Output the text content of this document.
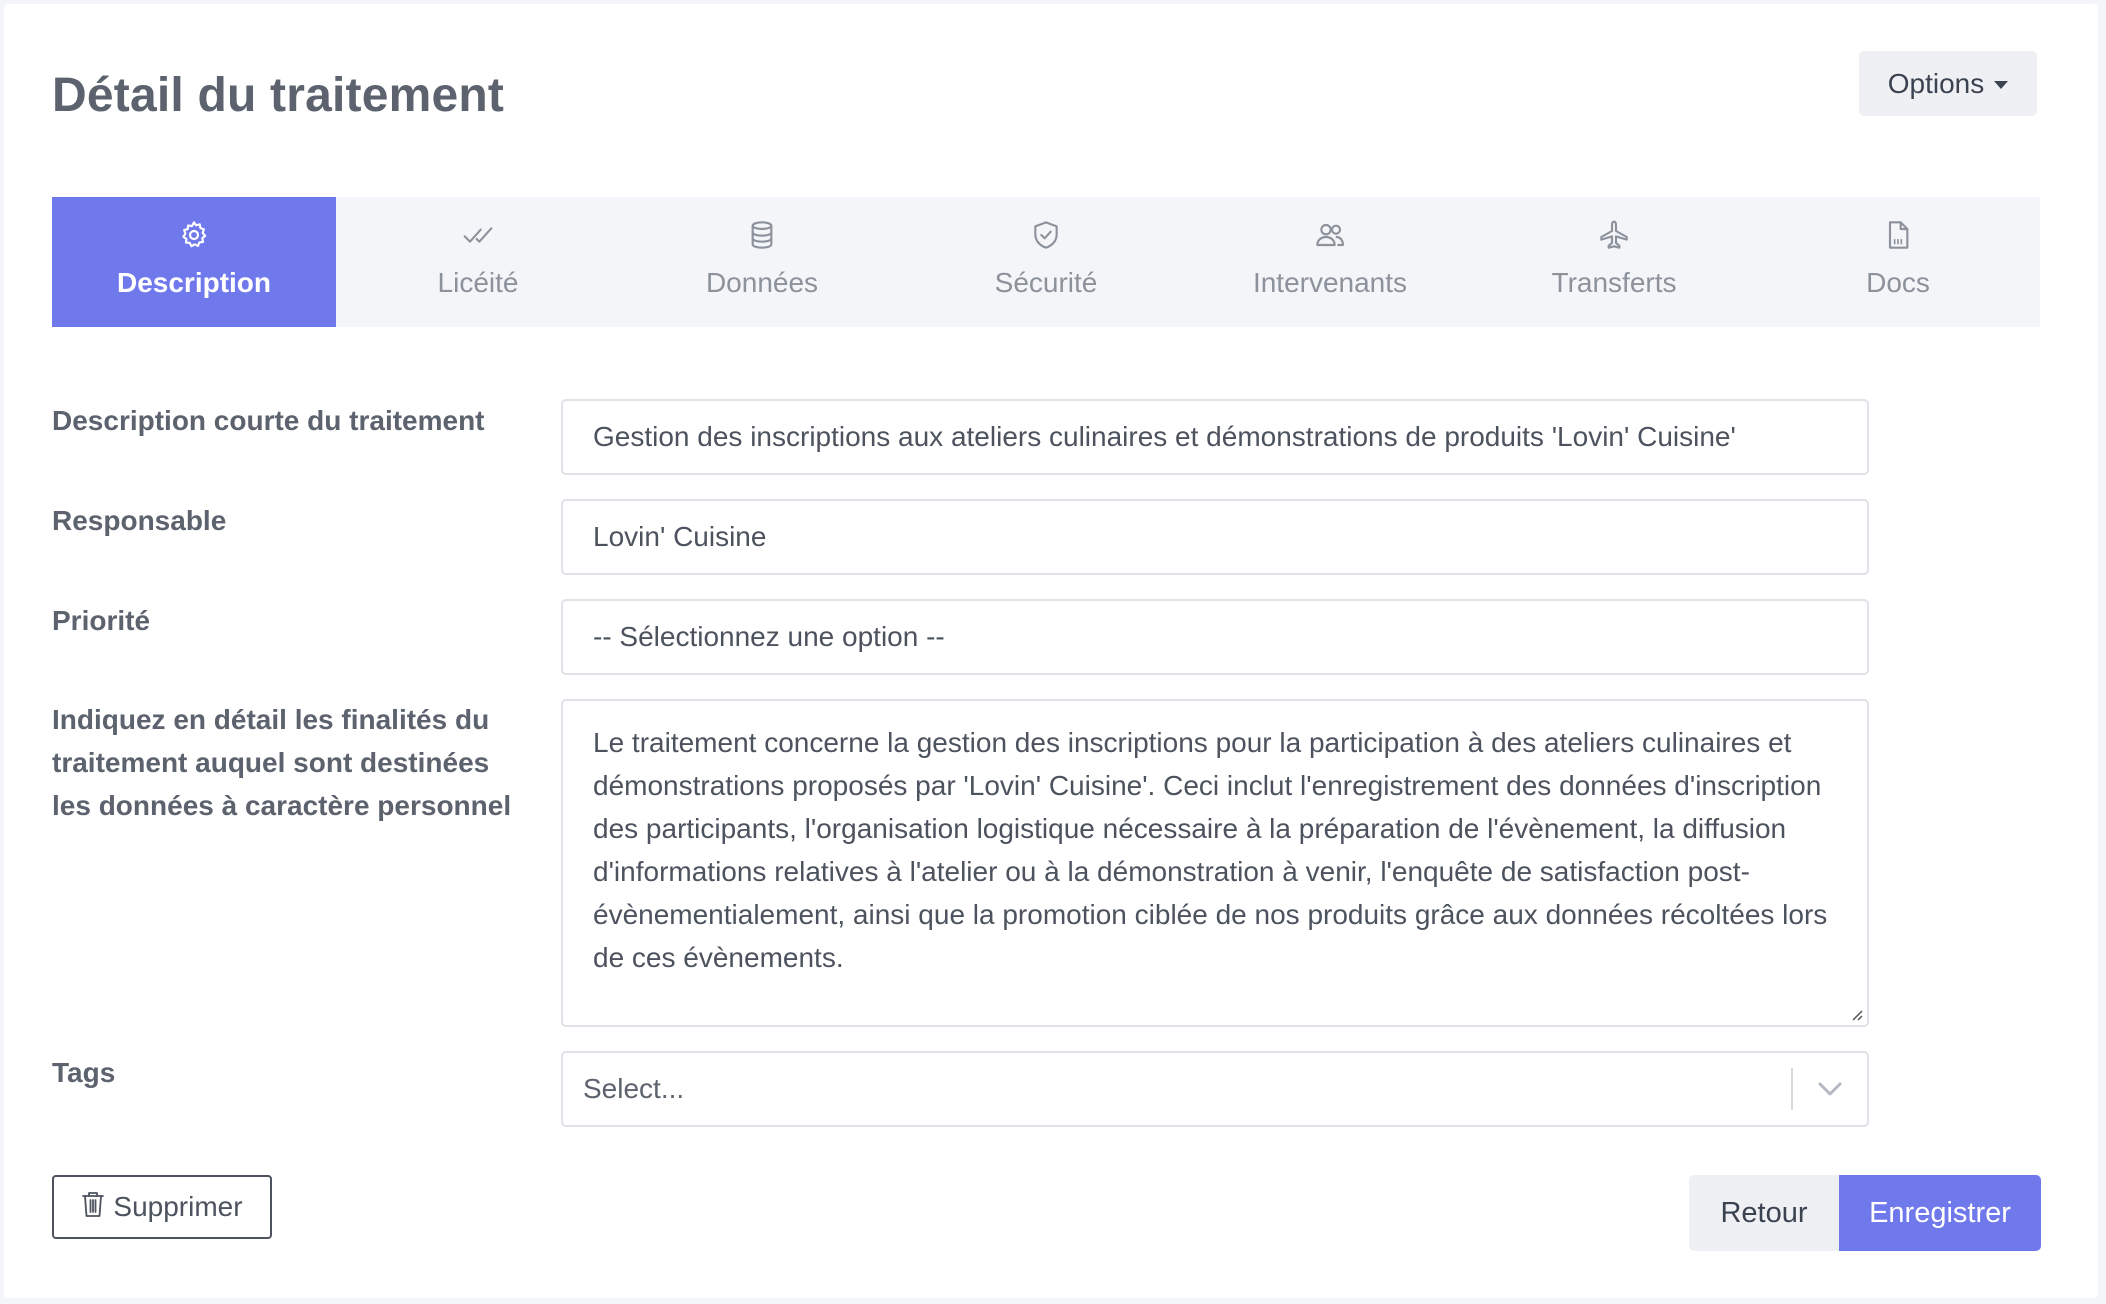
Détail du traitement	Options
Description	Licéité	Données	Sécurité	Intervenants	Transferts	Docs
Description courte du traitement
Gestion des inscriptions aux ateliers culinaires et démonstrations de produits 'Lovin' Cuisine'
Responsable
Lovin' Cuisine
Priorité
-- Sélectionnez une option --
Indiquez en détail les finalités du traitement auquel sont destinées les données à caractère personnel
Le traitement concerne la gestion des inscriptions pour la participation à des ateliers culinaires et démonstrations proposés par 'Lovin' Cuisine'. Ceci inclut l'enregistrement des données d'inscription des participants, l'organisation logistique nécessaire à la préparation de l'évènement, la diffusion d'informations relatives à l'atelier ou à la démonstration à venir, l'enquête de satisfaction post-évènementialement, ainsi que la promotion ciblée de nos produits grâce aux données récoltées lors de ces évènements.
Tags
Select...
Supprimer	Retour	Enregistrer
